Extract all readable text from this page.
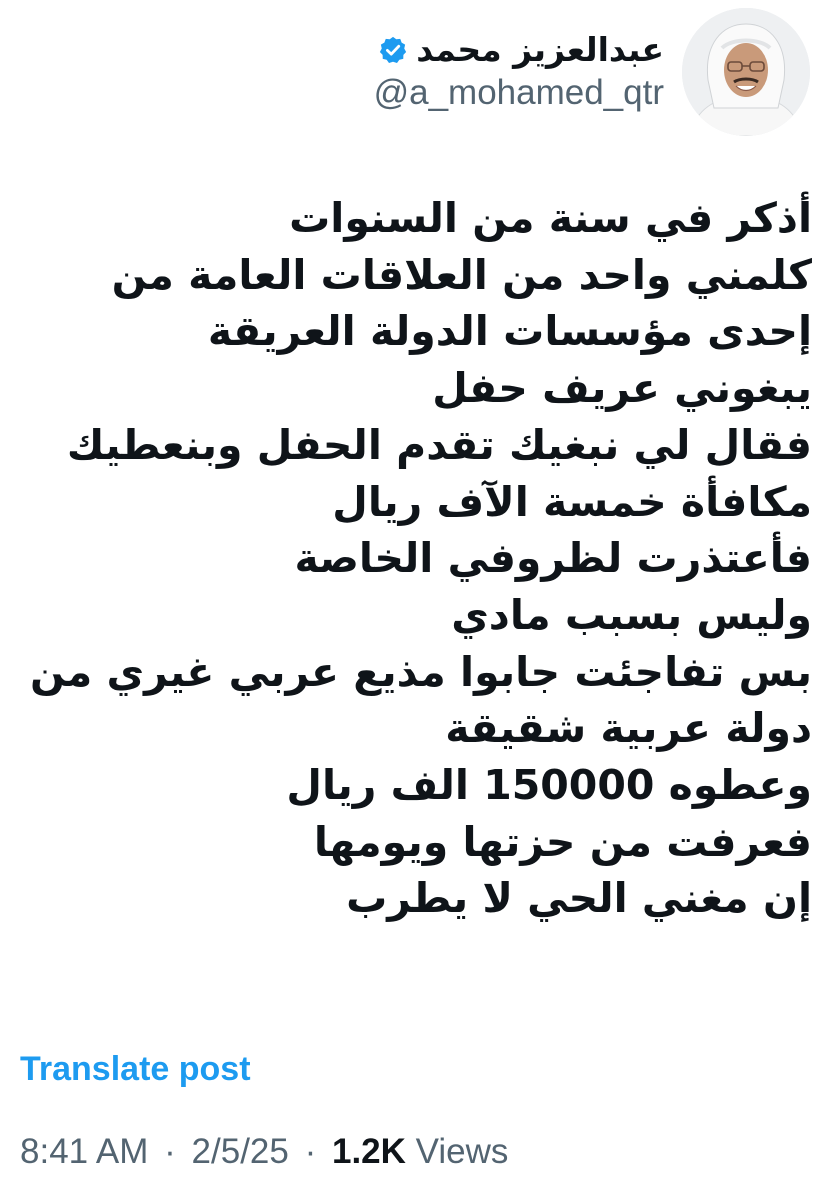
عبدالعزيز محمد
@a_mohamed_qtr
أذكر في سنة من السنوات
كلمني واحد من العلاقات العامة من
إحدى مؤسسات الدولة العريقة
يبغوني عريف حفل
فقال لي نبغيك تقدم الحفل وبنعطيك
مكافأة خمسة الآف ريال
فأعتذرت لظروفي الخاصة
وليس بسبب مادي
بس تفاجئت جابوا مذيع عربي غيري من
دولة عربية شقيقة
وعطوه 150000 الف ريال
فعرفت من حزتها ويومها
إن مغني الحي لا يطرب
Translate post
8:41 AM · 2/5/25 · 1.2K Views
